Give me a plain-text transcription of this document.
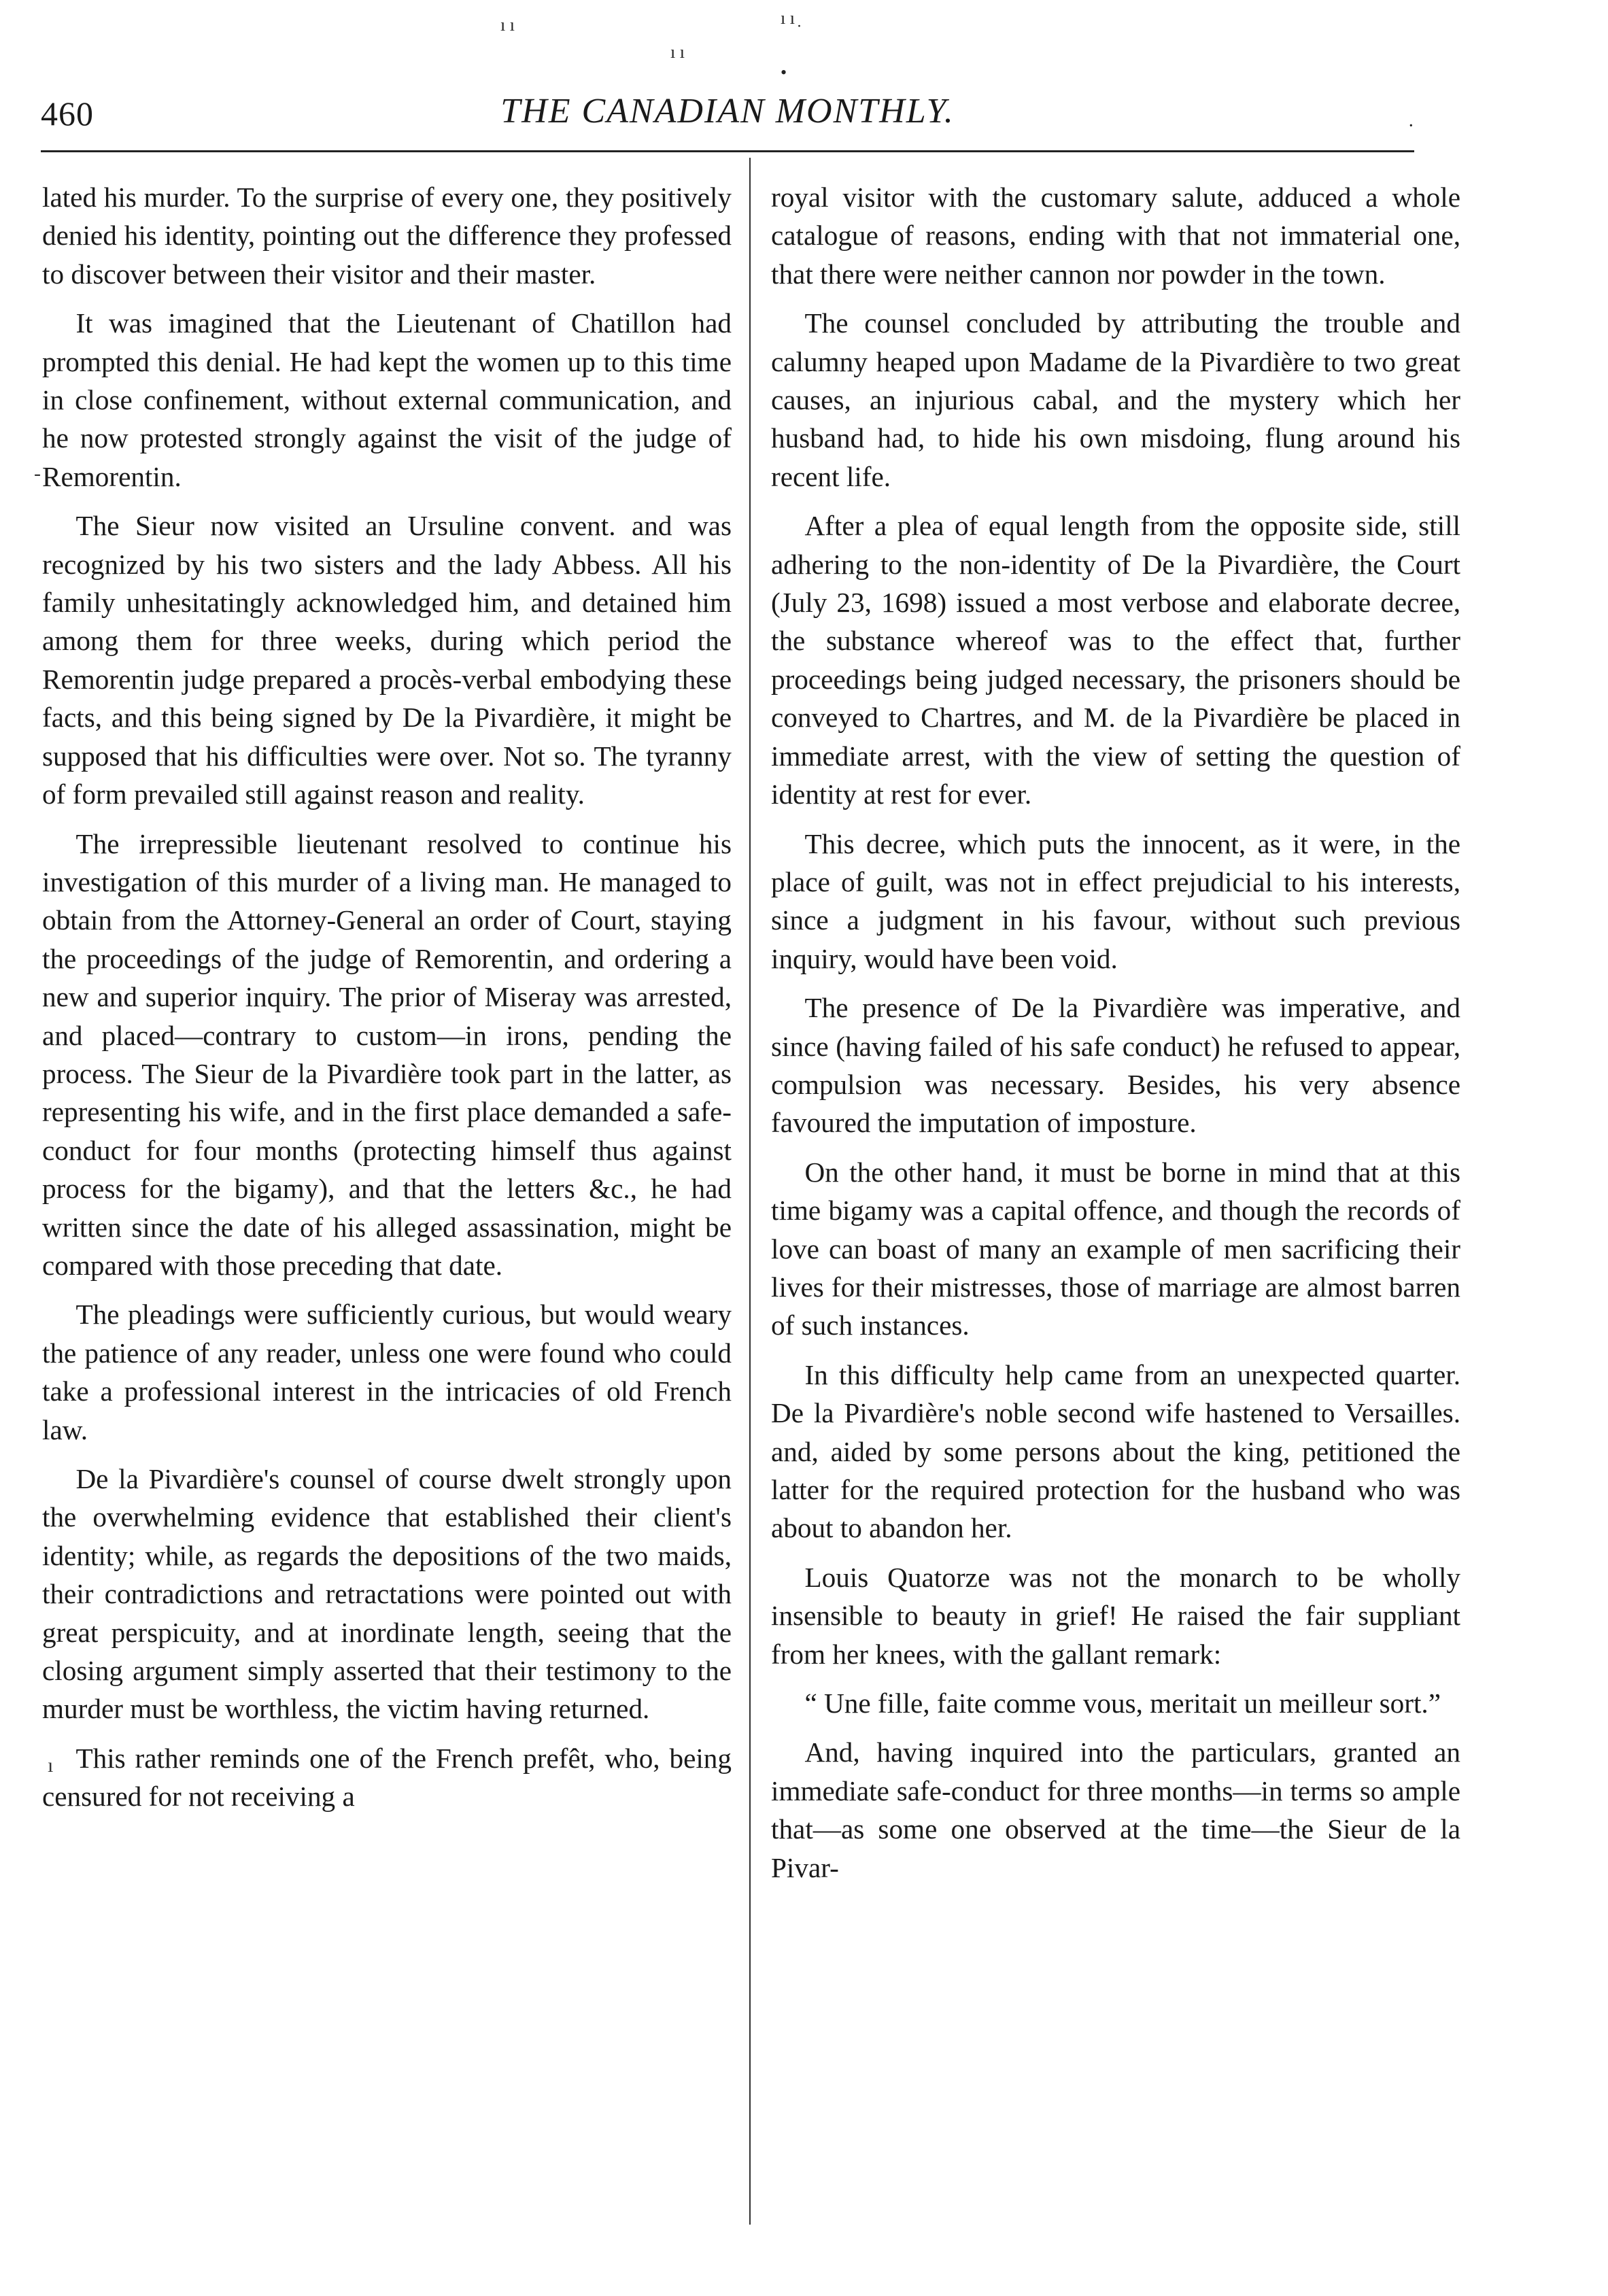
ı ı
ı ı
ı ı ̣
•
460	THE CANADIAN MONTHLY.	·

lated his murder. To the surprise of every one, they positively denied his identity, pointing out the difference they professed to discover between their visitor and their master.

It was imagined that the Lieutenant of Chatillon had prompted this denial. He had kept the women up to this time in close confinement, without external communication, and he now protested strongly against the visit of the judge of Remorentin.

The Sieur now visited an Ursuline convent. and was recognized by his two sisters and the lady Abbess. All his family unhesitatingly acknowledged him, and detained him among them for three weeks, during which period the Remorentin judge prepared a procès-verbal embodying these facts, and this being signed by De la Pivardière, it might be supposed that his difficulties were over. Not so. The tyranny of form prevailed still against reason and reality.

The irrepressible lieutenant resolved to continue his investigation of this murder of a living man. He managed to obtain from the Attorney-General an order of Court, staying the proceedings of the judge of Remorentin, and ordering a new and superior inquiry. The prior of Miseray was arrested, and placed—contrary to custom—in irons, pending the process. The Sieur de la Pivardière took part in the latter, as representing his wife, and in the first place demanded a safe-conduct for four months (protecting himself thus against process for the bigamy), and that the letters &c., he had written since the date of his alleged assassination, might be compared with those preceding that date.

The pleadings were sufficiently curious, but would weary the patience of any reader, unless one were found who could take a professional interest in the intricacies of old French law.

De la Pivardière's counsel of course dwelt strongly upon the overwhelming evidence that established their client's identity; while, as regards the depositions of the two maids, their contradictions and retractations were pointed out with great perspicuity, and at inordinate length, seeing that the closing argument simply asserted that their testimony to the murder must be worthless, the victim having returned.

This rather reminds one of the French prefêt, who, being censured for not receiving a

royal visitor with the customary salute, adduced a whole catalogue of reasons, ending with that not immaterial one, that there were neither cannon nor powder in the town.

The counsel concluded by attributing the trouble and calumny heaped upon Madame de la Pivardière to two great causes, an injurious cabal, and the mystery which her husband had, to hide his own misdoing, flung around his recent life.

After a plea of equal length from the opposite side, still adhering to the non-identity of De la Pivardière, the Court (July 23, 1698) issued a most verbose and elaborate decree, the substance whereof was to the effect that, further proceedings being judged necessary, the prisoners should be conveyed to Chartres, and M. de la Pivardière be placed in immediate arrest, with the view of setting the question of identity at rest for ever.

This decree, which puts the innocent, as it were, in the place of guilt, was not in effect prejudicial to his interests, since a judgment in his favour, without such previous inquiry, would have been void.

The presence of De la Pivardière was imperative, and since (having failed of his safe conduct) he refused to appear, compulsion was necessary. Besides, his very absence favoured the imputation of imposture.

On the other hand, it must be borne in mind that at this time bigamy was a capital offence, and though the records of love can boast of many an example of men sacrificing their lives for their mistresses, those of marriage are almost barren of such instances.

In this difficulty help came from an unexpected quarter. De la Pivardière's noble second wife hastened to Versailles. and, aided by some persons about the king, petitioned the latter for the required protection for the husband who was about to abandon her.

Louis Quatorze was not the monarch to be wholly insensible to beauty in grief! He raised the fair suppliant from her knees, with the gallant remark:

“ Une fille, faite comme vous, meritait un meilleur sort.”

And, having inquired into the particulars, granted an immediate safe-conduct for three months—in terms so ample that—as some one observed at the time—the Sieur de la Pivar-

ı
-
